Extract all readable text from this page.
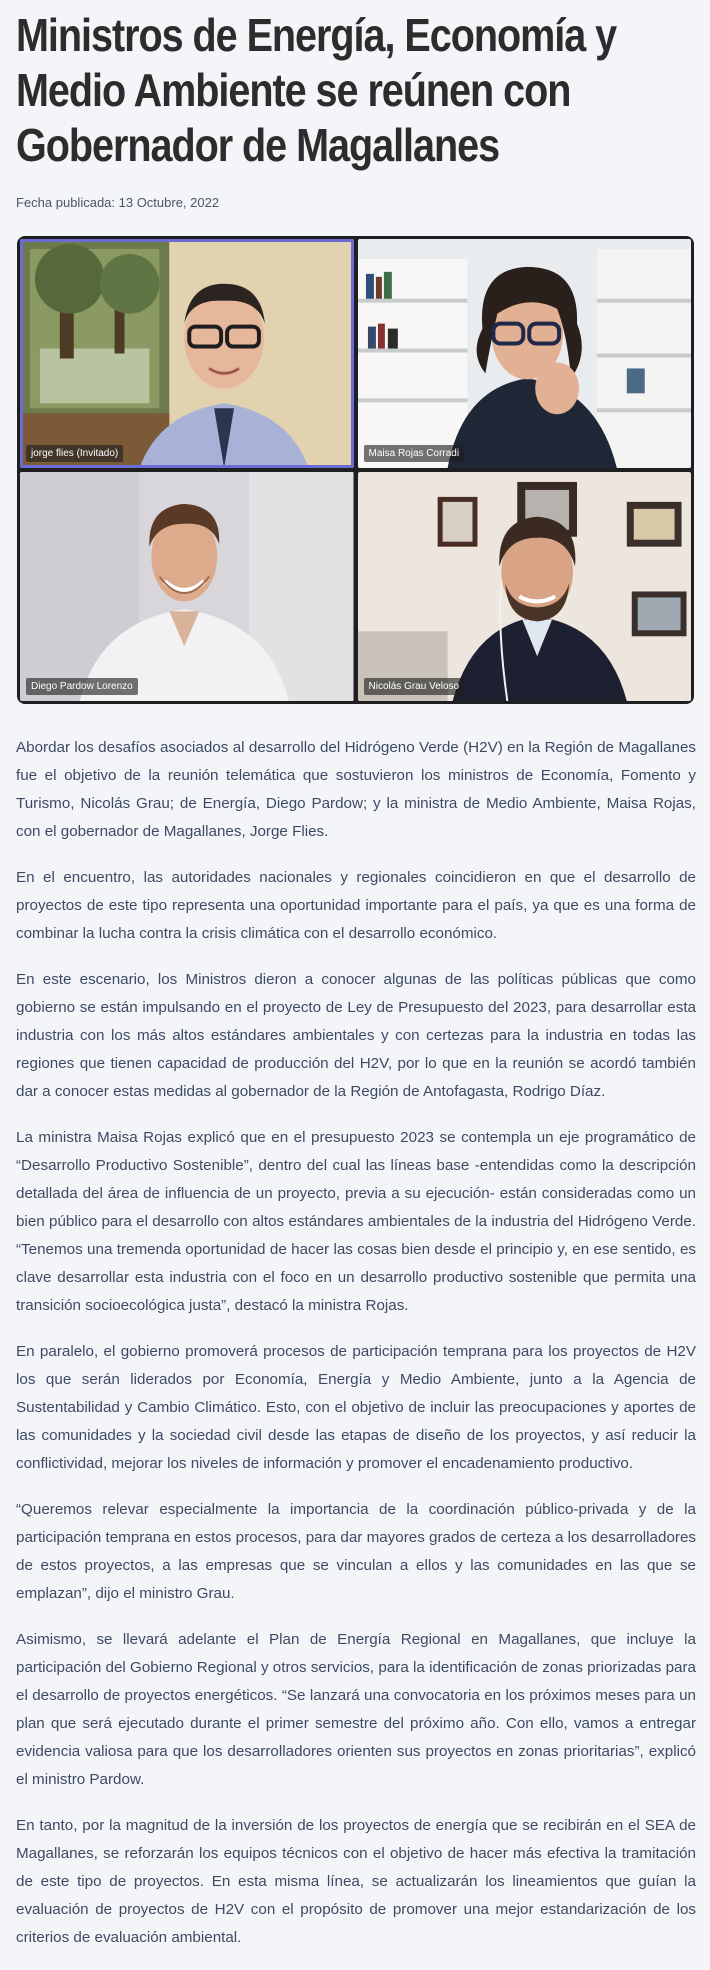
Ministros de Energía, Economía y Medio Ambiente se reúnen con Gobernador de Magallanes
Fecha publicada: 13 Octubre, 2022
jorge flies (Invitado)	Maisa Rojas Corradi
Diego Pardow Lorenzo	Nicolás Grau Veloso

Abordar los desafíos asociados al desarrollo del Hidrógeno Verde (H2V) en la Región de Magallanes fue el objetivo de la reunión telemática que sostuvieron los ministros de Economía, Fomento y Turismo, Nicolás Grau; de Energía, Diego Pardow; y la ministra de Medio Ambiente, Maisa Rojas, con el gobernador de Magallanes, Jorge Flies.

En el encuentro, las autoridades nacionales y regionales coincidieron en que el desarrollo de proyectos de este tipo representa una oportunidad importante para el país, ya que es una forma de combinar la lucha contra la crisis climática con el desarrollo económico.

En este escenario, los Ministros dieron a conocer algunas de las políticas públicas que como gobierno se están impulsando en el proyecto de Ley de Presupuesto del 2023, para desarrollar esta industria con los más altos estándares ambientales y con certezas para la industria en todas las regiones que tienen capacidad de producción del H2V, por lo que en la reunión se acordó también dar a conocer estas medidas al gobernador de la Región de Antofagasta, Rodrigo Díaz.

La ministra Maisa Rojas explicó que en el presupuesto 2023 se contempla un eje programático de “Desarrollo Productivo Sostenible”, dentro del cual las líneas base -entendidas como la descripción detallada del área de influencia de un proyecto, previa a su ejecución- están consideradas como un bien público para el desarrollo con altos estándares ambientales de la industria del Hidrógeno Verde. “Tenemos una tremenda oportunidad de hacer las cosas bien desde el principio y, en ese sentido, es clave desarrollar esta industria con el foco en un desarrollo productivo sostenible que permita una transición socioecológica justa”, destacó la ministra Rojas.

En paralelo, el gobierno promoverá procesos de participación temprana para los proyectos de H2V los que serán liderados por Economía, Energía y Medio Ambiente, junto a la Agencia de Sustentabilidad y Cambio Climático. Esto, con el objetivo de incluir las preocupaciones y aportes de las comunidades y la sociedad civil desde las etapas de diseño de los proyectos, y así reducir la conflictividad, mejorar los niveles de información y promover el encadenamiento productivo.

“Queremos relevar especialmente la importancia de la coordinación público-privada y de la participación temprana en estos procesos, para dar mayores grados de certeza a los desarrolladores de estos proyectos, a las empresas que se vinculan a ellos y las comunidades en las que se emplazan”, dijo el ministro Grau.

Asimismo, se llevará adelante el Plan de Energía Regional en Magallanes, que incluye la participación del Gobierno Regional y otros servicios, para la identificación de zonas priorizadas para el desarrollo de proyectos energéticos. “Se lanzará una convocatoria en los próximos meses para un plan que será ejecutado durante el primer semestre del próximo año. Con ello, vamos a entregar evidencia valiosa para que los desarrolladores orienten sus proyectos en zonas prioritarias”, explicó el ministro Pardow.

En tanto, por la magnitud de la inversión de los proyectos de energía que se recibirán en el SEA de Magallanes, se reforzarán los equipos técnicos con el objetivo de hacer más efectiva la tramitación de este tipo de proyectos. En esta misma línea, se actualizarán los lineamientos que guían la evaluación de proyectos de H2V con el propósito de promover una mejor estandarización de los criterios de evaluación ambiental.
